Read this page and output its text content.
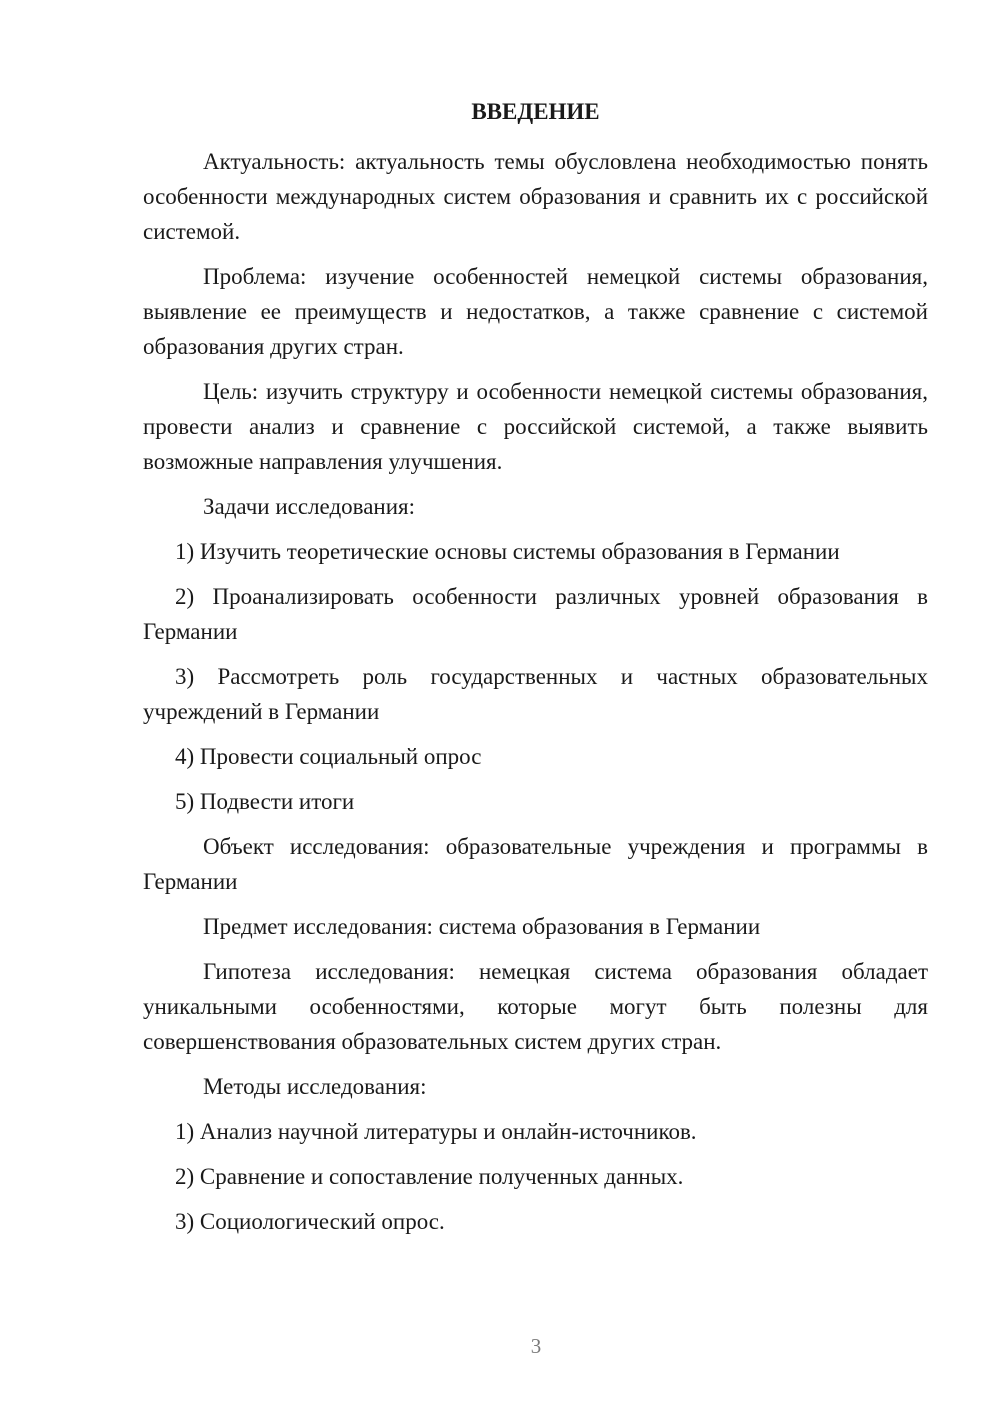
ВВЕДЕНИЕ

Актуальность: актуальность темы обусловлена необходимостью понять особенности международных систем образования и сравнить их с российской системой.

Проблема: изучение особенностей немецкой системы образования, выявление ее преимуществ и недостатков, а также сравнение с системой образования других стран.

Цель: изучить структуру и особенности немецкой системы образования, провести анализ и сравнение с российской системой, а также выявить возможные направления улучшения.

Задачи исследования:

1) Изучить теоретические основы системы образования в Германии

2) Проанализировать особенности различных уровней образования в Германии

3) Рассмотреть роль государственных и частных образовательных учреждений в Германии

4) Провести социальный опрос

5) Подвести итоги

Объект исследования: образовательные учреждения и программы в Германии

Предмет исследования: система образования в Германии

Гипотеза исследования: немецкая система образования обладает уникальными особенностями, которые могут быть полезны для совершенствования образовательных систем других стран.

Методы исследования:

1) Анализ научной литературы и онлайн-источников.

2) Сравнение и сопоставление полученных данных.

3) Социологический опрос.

3
